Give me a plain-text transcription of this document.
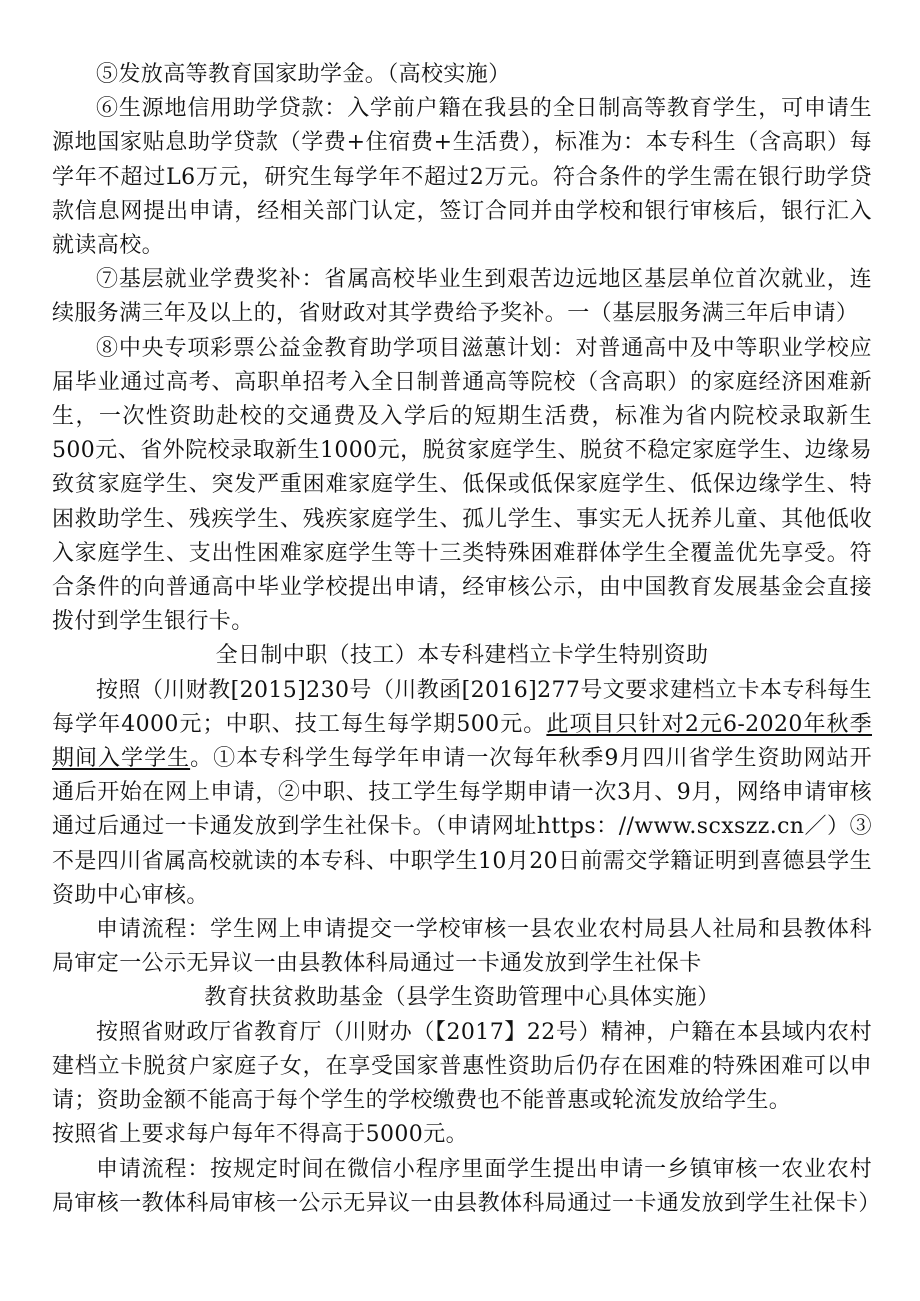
⑤发放高等教育国家助学金。（高校实施）

⑥生源地信用助学贷款：入学前户籍在我县的全日制高等教育学生，可申请生源地国家贴息助学贷款（学费+住宿费+生活费），标准为：本专科生（含高职）每学年不超过L6万元，研究生每学年不超过2万元。符合条件的学生需在银行助学贷款信息网提出申请，经相关部门认定，签订合同并由学校和银行审核后，银行汇入就读高校。

⑦基层就业学费奖补：省属高校毕业生到艰苦边远地区基层单位首次就业，连续服务满三年及以上的，省财政对其学费给予奖补。一（基层服务满三年后申请）

⑧中央专项彩票公益金教育助学项目滋蕙计划：对普通高中及中等职业学校应届毕业通过高考、高职单招考入全日制普通高等院校（含高职）的家庭经济困难新生，一次性资助赴校的交通费及入学后的短期生活费，标准为省内院校录取新生500元、省外院校录取新生1000元，脱贫家庭学生、脱贫不稳定家庭学生、边缘易致贫家庭学生、突发严重困难家庭学生、低保或低保家庭学生、低保边缘学生、特困救助学生、残疾学生、残疾家庭学生、孤儿学生、事实无人抚养儿童、其他低收入家庭学生、支出性困难家庭学生等十三类特殊困难群体学生全覆盖优先享受。符合条件的向普通高中毕业学校提出申请，经审核公示，由中国教育发展基金会直接拨付到学生银行卡。

全日制中职（技工）本专科建档立卡学生特别资助

按照（川财教[2015]230号（川教函[2016]277号文要求建档立卡本专科每生每学年4000元；中职、技工每生每学期500元。此项目只针对2元6-2020年秋季期间入学学生。①本专科学生每学年申请一次每年秋季9月四川省学生资助网站开通后开始在网上申请，②中职、技工学生每学期申请一次3月、9月，网络申请审核通过后通过一卡通发放到学生社保卡。（申请网址https：//www.scxszz.cn／）③不是四川省属高校就读的本专科、中职学生10月20日前需交学籍证明到喜德县学生资助中心审核。

申请流程：学生网上申请提交一学校审核一县农业农村局县人社局和县教体科局审定一公示无异议一由县教体科局通过一卡通发放到学生社保卡

教育扶贫救助基金（县学生资助管理中心具体实施）

按照省财政厅省教育厅（川财办（【2017】22号）精神，户籍在本县域内农村建档立卡脱贫户家庭子女，在享受国家普惠性资助后仍存在困难的特殊困难可以申请；资助金额不能高于每个学生的学校缴费也不能普惠或轮流发放给学生。

按照省上要求每户每年不得高于5000元。

申请流程：按规定时间在微信小程序里面学生提出申请一乡镇审核一农业农村局审核一教体科局审核一公示无异议一由县教体科局通过一卡通发放到学生社保卡）
